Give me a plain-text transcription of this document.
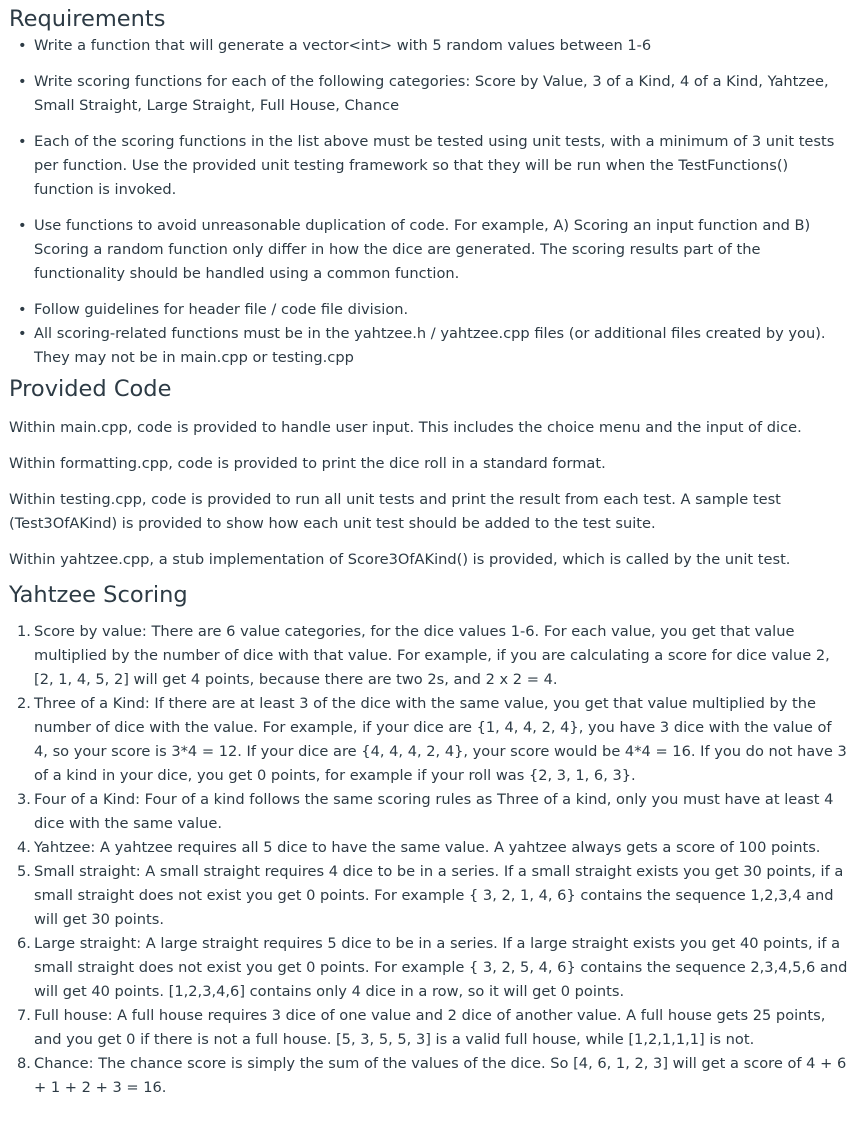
Requirements
• Write a function that will generate a vector<int> with 5 random values between 1-6
• Write scoring functions for each of the following categories: Score by Value, 3 of a Kind, 4 of a Kind, Yahtzee, Small Straight, Large Straight, Full House, Chance
• Each of the scoring functions in the list above must be tested using unit tests, with a minimum of 3 unit tests per function. Use the provided unit testing framework so that they will be run when the TestFunctions() function is invoked.
• Use functions to avoid unreasonable duplication of code. For example, A) Scoring an input function and B) Scoring a random function only differ in how the dice are generated. The scoring results part of the functionality should be handled using a common function.
• Follow guidelines for header file / code file division.
• All scoring-related functions must be in the yahtzee.h / yahtzee.cpp files (or additional files created by you). They may not be in main.cpp or testing.cpp
Provided Code

Within main.cpp, code is provided to handle user input. This includes the choice menu and the input of dice.

Within formatting.cpp, code is provided to print the dice roll in a standard format.

Within testing.cpp, code is provided to run all unit tests and print the result from each test. A sample test (Test3OfAKind) is provided to show how each unit test should be added to the test suite.

Within yahtzee.cpp, a stub implementation of Score3OfAKind() is provided, which is called by the unit test.

Yahtzee Scoring
1. Score by value: There are 6 value categories, for the dice values 1-6. For each value, you get that value multiplied by the number of dice with that value. For example, if you are calculating a score for dice value 2, [2, 1, 4, 5, 2] will get 4 points, because there are two 2s, and 2 x 2 = 4.
2. Three of a Kind: If there are at least 3 of the dice with the same value, you get that value multiplied by the number of dice with the value. For example, if your dice are {1, 4, 4, 2, 4}, you have 3 dice with the value of 4, so your score is 3*4 = 12. If your dice are {4, 4, 4, 2, 4}, your score would be 4*4 = 16. If you do not have 3 of a kind in your dice, you get 0 points, for example if your roll was {2, 3, 1, 6, 3}.
3. Four of a Kind: Four of a kind follows the same scoring rules as Three of a kind, only you must have at least 4 dice with the same value.
4. Yahtzee: A yahtzee requires all 5 dice to have the same value. A yahtzee always gets a score of 100 points.
5. Small straight: A small straight requires 4 dice to be in a series. If a small straight exists you get 30 points, if a small straight does not exist you get 0 points. For example { 3, 2, 1, 4, 6} contains the sequence 1,2,3,4 and will get 30 points.
6. Large straight: A large straight requires 5 dice to be in a series. If a large straight exists you get 40 points, if a small straight does not exist you get 0 points. For example { 3, 2, 5, 4, 6} contains the sequence 2,3,4,5,6 and will get 40 points. [1,2,3,4,6] contains only 4 dice in a row, so it will get 0 points.
7. Full house: A full house requires 3 dice of one value and 2 dice of another value. A full house gets 25 points, and you get 0 if there is not a full house. [5, 3, 5, 5, 3] is a valid full house, while [1,2,1,1,1] is not.
8. Chance: The chance score is simply the sum of the values of the dice. So [4, 6, 1, 2, 3] will get a score of 4 + 6 + 1 + 2 + 3 = 16.
